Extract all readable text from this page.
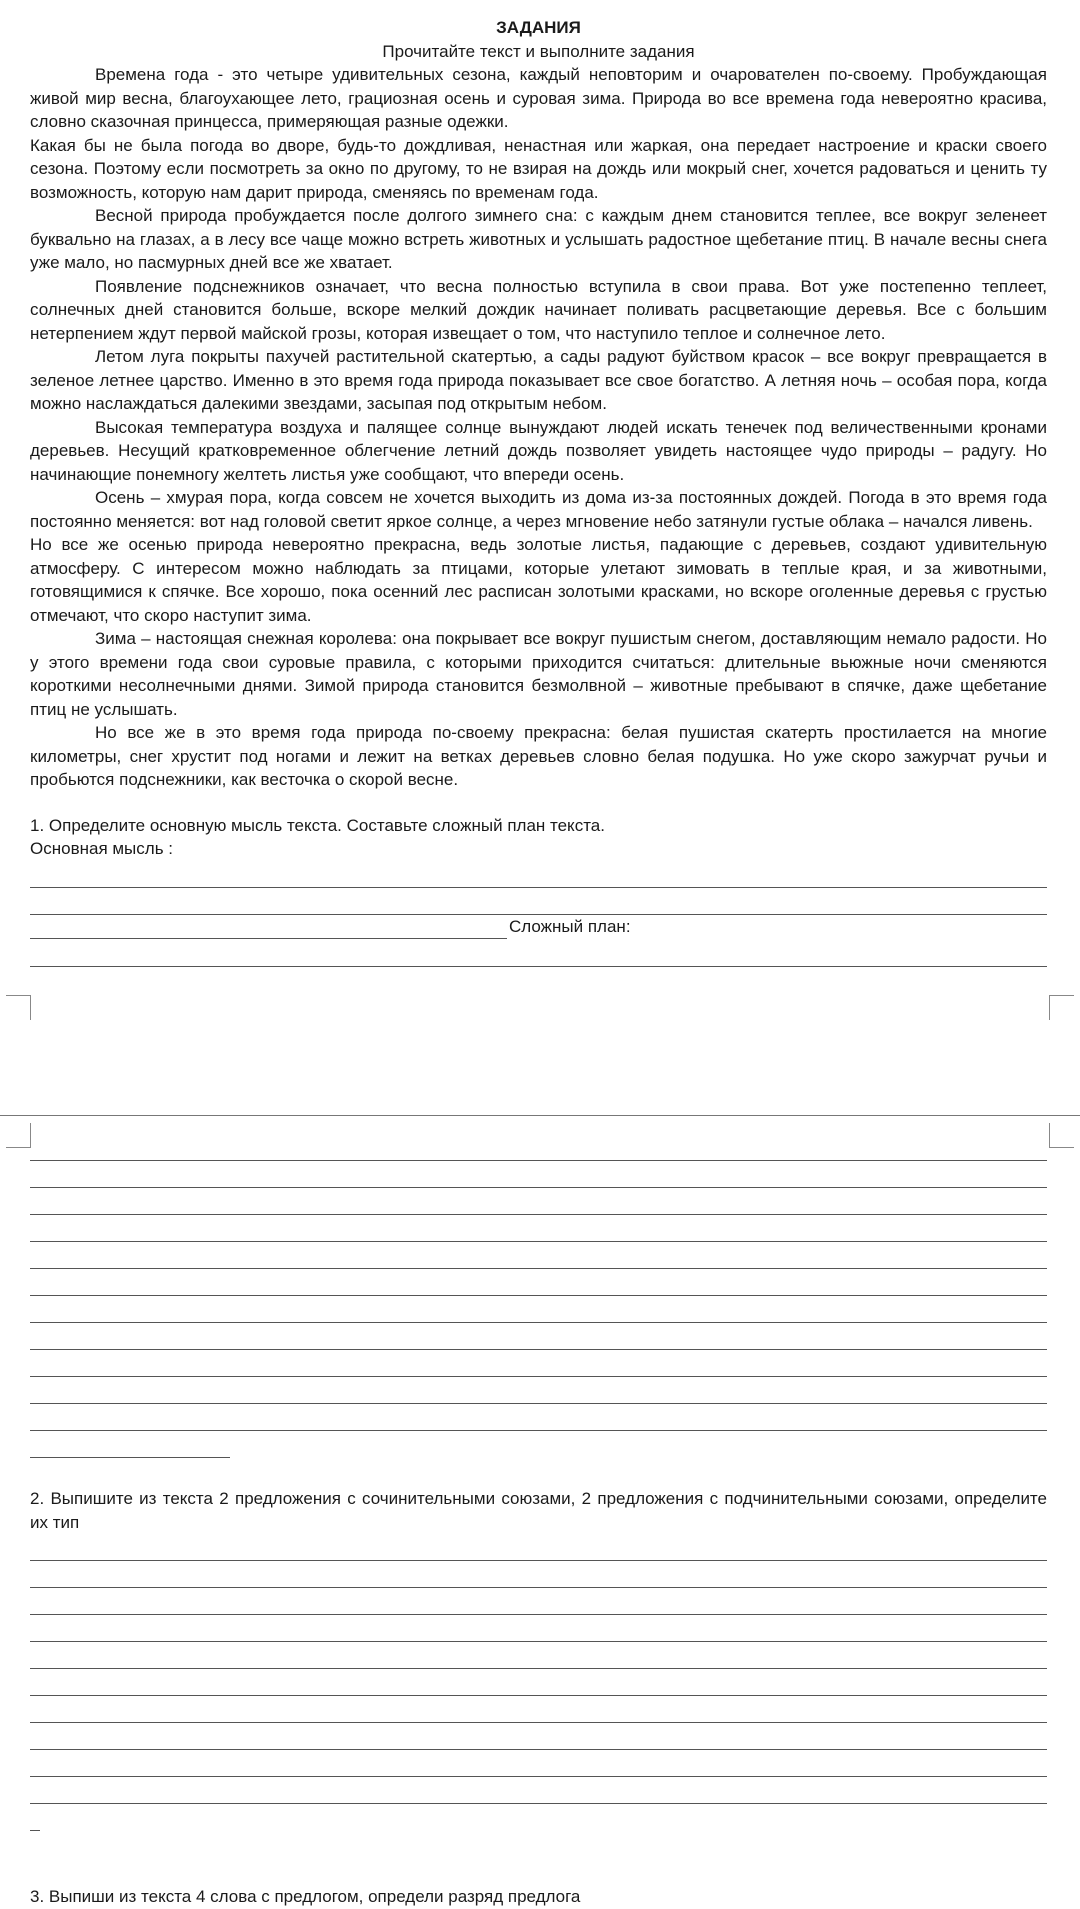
ЗАДАНИЯ
Прочитайте текст и выполните задания
Времена года - это четыре удивительных сезона, каждый неповторим и очарователен по-своему. Пробуждающая живой мир весна, благоухающее лето, грациозная осень и суровая зима. Природа во все времена года невероятно красива, словно сказочная принцесса, примеряющая разные одежки.
Какая бы не была погода во дворе, будь-то дождливая, ненастная или жаркая, она передает настроение и краски своего сезона. Поэтому если посмотреть за окно по другому, то не взирая на дождь или мокрый снег, хочется радоваться и ценить ту возможность, которую нам дарит природа, сменяясь по временам года.
Весной природа пробуждается после долгого зимнего сна: с каждым днем становится теплее, все вокруг зеленеет буквально на глазах, а в лесу все чаще можно встреть животных и услышать радостное щебетание птиц. В начале весны снега уже мало, но пасмурных дней все же хватает.
Появление подснежников означает, что весна полностью вступила в свои права. Вот уже постепенно теплеет, солнечных дней становится больше, вскоре мелкий дождик начинает поливать расцветающие деревья. Все с большим нетерпением ждут первой майской грозы, которая извещает о том, что наступило теплое и солнечное лето.
Летом луга покрыты пахучей растительной скатертью, а сады радуют буйством красок – все вокруг превращается в зеленое летнее царство. Именно в это время года природа показывает все свое богатство. А летняя ночь – особая пора, когда можно наслаждаться далекими звездами, засыпая под открытым небом.
Высокая температура воздуха и палящее солнце вынуждают людей искать тенечек под величественными кронами деревьев. Несущий кратковременное облегчение летний дождь позволяет увидеть настоящее чудо природы – радугу. Но начинающие понемногу желтеть листья уже сообщают, что впереди осень.
Осень – хмурая пора, когда совсем не хочется выходить из дома из-за постоянных дождей. Погода в это время года постоянно меняется: вот над головой светит яркое солнце, а через мгновение небо затянули густые облака – начался ливень.
Но все же осенью природа невероятно прекрасна, ведь золотые листья, падающие с деревьев, создают удивительную атмосферу. С интересом можно наблюдать за птицами, которые улетают зимовать в теплые края, и за животными, готовящимися к спячке. Все хорошо, пока осенний лес расписан золотыми красками, но вскоре оголенные деревья с грустью отмечают, что скоро наступит зима.
Зима – настоящая снежная королева: она покрывает все вокруг пушистым снегом, доставляющим немало радости. Но у этого времени года свои суровые правила, с которыми приходится считаться: длительные вьюжные ночи сменяются короткими несолнечными днями. Зимой природа становится безмолвной – животные пребывают в спячке, даже щебетание птиц не услышать.
Но все же в это время года природа по-своему прекрасна: белая пушистая скатерть простилается на многие километры, снег хрустит под ногами и лежит на ветках деревьев словно белая подушка. Но уже скоро зажурчат ручьи и пробьются подснежники, как весточка о скорой весне.
1. Определите основную мысль текста. Составьте сложный план текста.
Основная мысль :
Сложный план:
2. Выпишите из текста 2 предложения с сочинительными союзами, 2 предложения с подчинительными союзами, определите их тип
3. Выпиши из текста 4 слова с предлогом, определи разряд предлога
